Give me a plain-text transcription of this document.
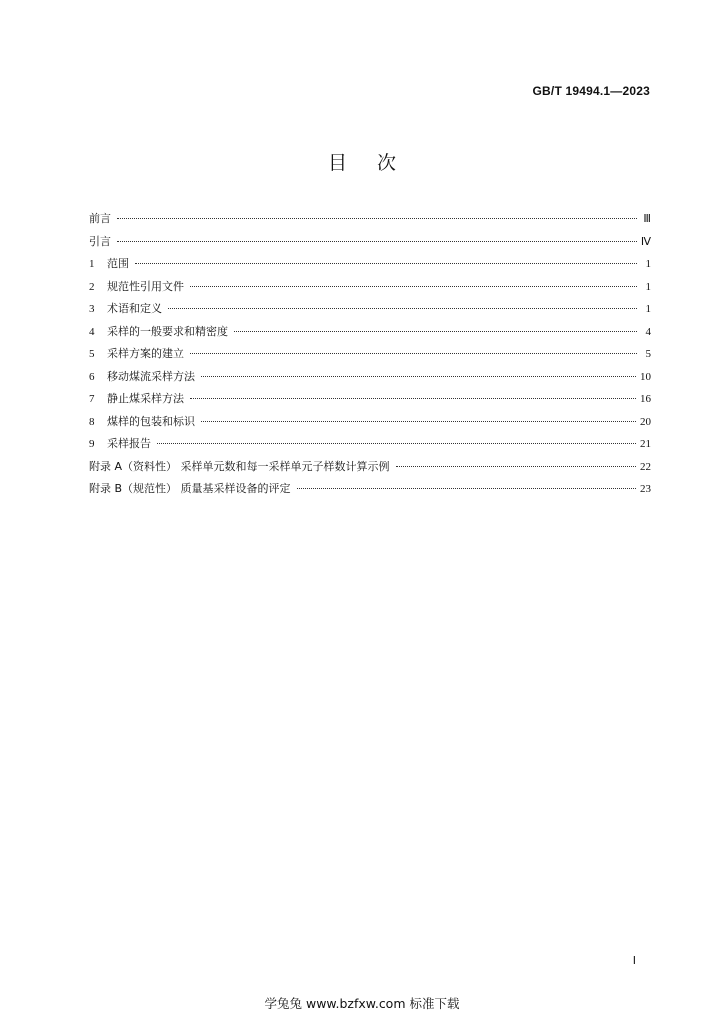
GB/T 19494.1—2023
目次
前言	Ⅲ
引言	Ⅳ
1	范围	1
2	规范性引用文件	1
3	术语和定义	1
4	采样的一般要求和精密度	4
5	采样方案的建立	5
6	移动煤流采样方法	10
7	静止煤采样方法	16
8	煤样的包装和标识	20
9	采样报告	21
附录 A（资料性） 采样单元数和每一采样单元子样数计算示例	22
附录 B（规范性） 质量基采样设备的评定	23
Ⅰ
学兔兔 www.bzfxw.com 标准下载
